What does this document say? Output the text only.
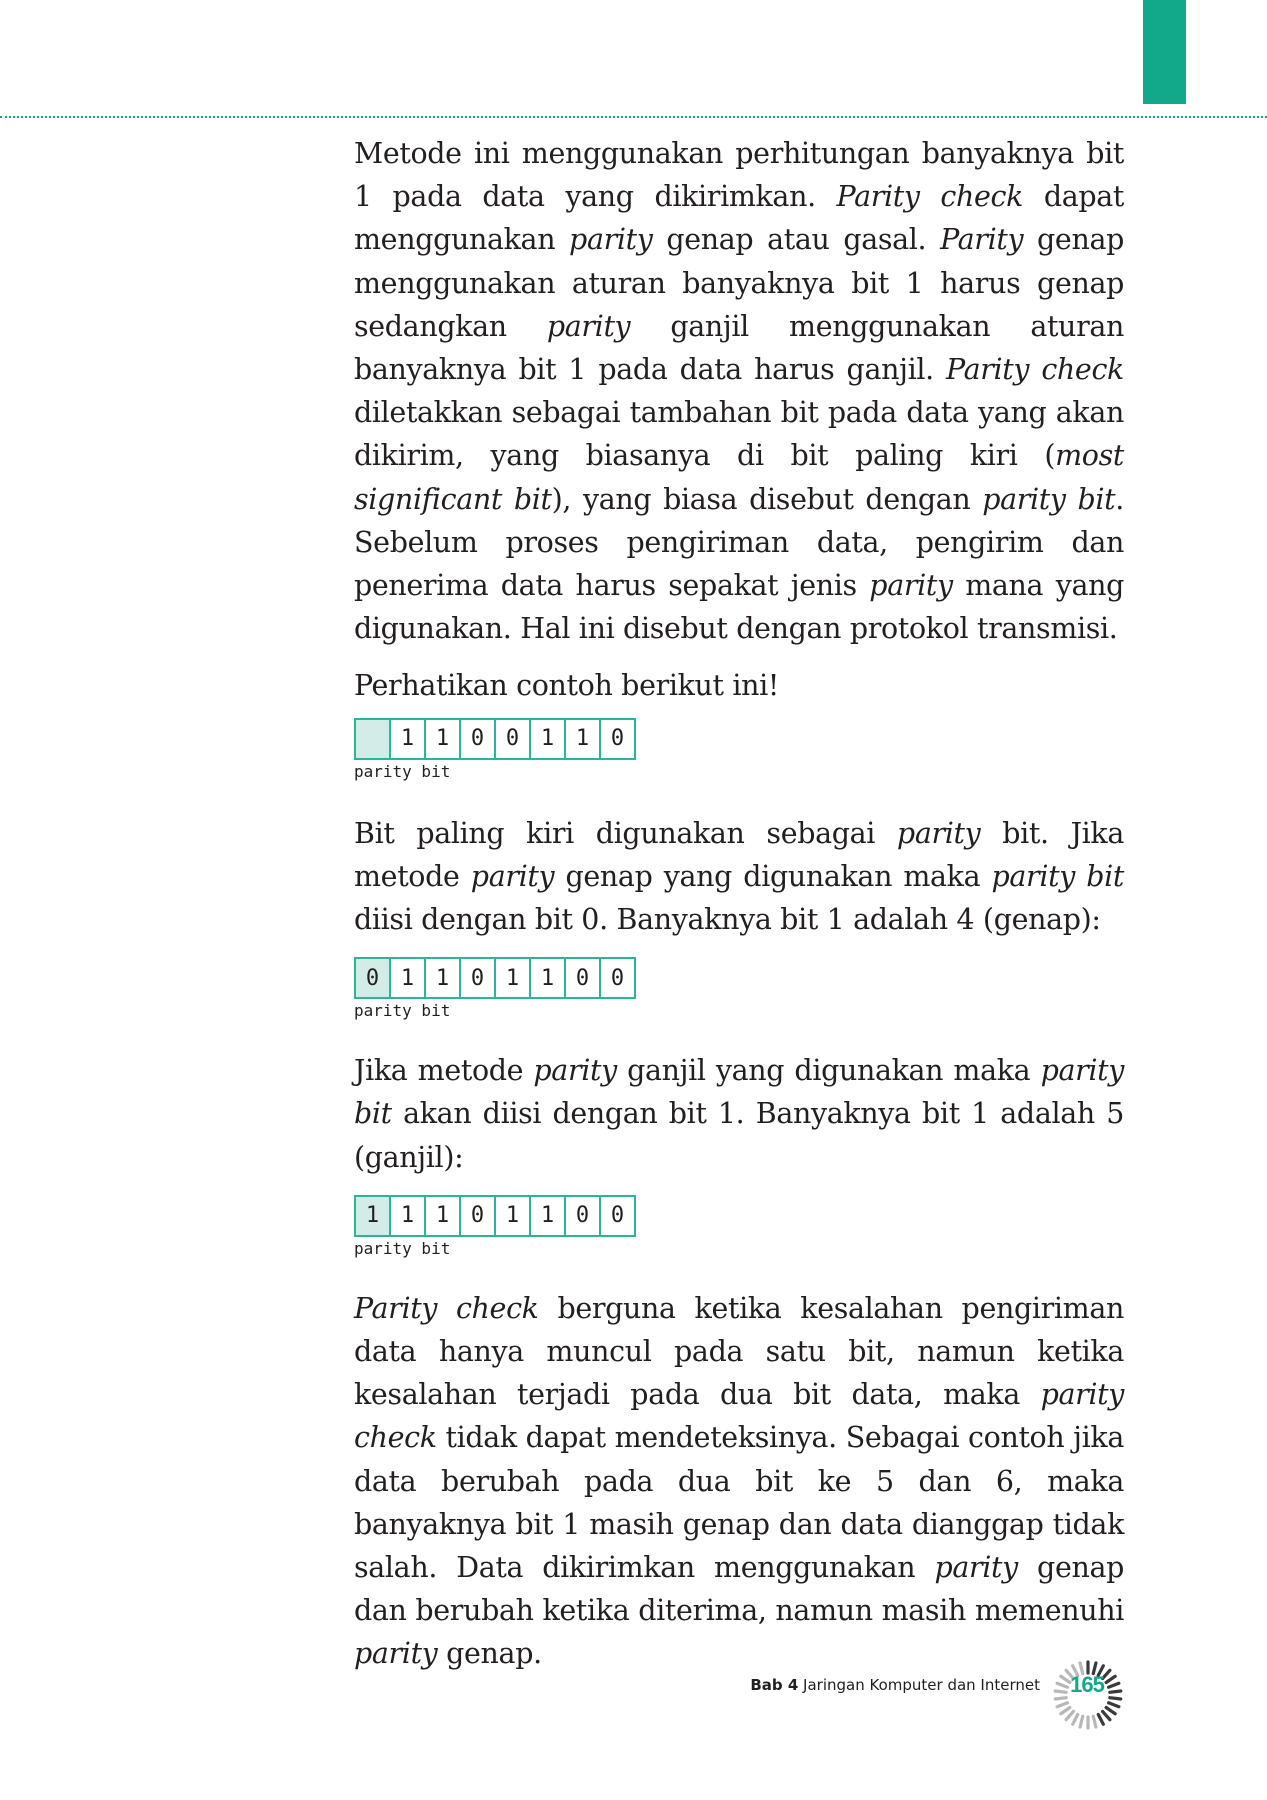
Metode ini menggunakan perhitungan banyaknya bit 1 pada data yang dikirimkan. Parity check dapat menggunakan parity genap atau gasal. Parity genap menggunakan aturan banyaknya bit 1 harus genap sedangkan parity ganjil menggunakan aturan banyaknya bit 1 pada data harus ganjil. Parity check diletakkan sebagai tambahan bit pada data yang akan dikirim, yang biasanya di bit paling kiri (most significant bit), yang biasa disebut dengan parity bit. Sebelum proses pengiriman data, pengirim dan penerima data harus sepakat jenis parity mana yang digunakan. Hal ini disebut dengan protokol transmisi.

Perhatikan contoh berikut ini!

1 1 0 0 1 1 0
parity bit

Bit paling kiri digunakan sebagai parity bit. Jika metode parity genap yang digunakan maka parity bit diisi dengan bit 0. Banyaknya bit 1 adalah 4 (genap):

0 1 1 0 1 1 0 0
parity bit

Jika metode parity ganjil yang digunakan maka parity bit akan diisi dengan bit 1. Banyaknya bit 1 adalah 5 (ganjil):

1 1 1 0 1 1 0 0
parity bit

Parity check berguna ketika kesalahan pengiriman data hanya muncul pada satu bit, namun ketika kesalahan terjadi pada dua bit data, maka parity check tidak dapat mendeteksinya. Sebagai contoh jika data berubah pada dua bit ke 5 dan 6, maka banyaknya bit 1 masih genap dan data dianggap tidak salah. Data dikirimkan menggunakan parity genap dan berubah ketika diterima, namun masih memenuhi parity genap.

Bab 4 Jaringan Komputer dan Internet	165
